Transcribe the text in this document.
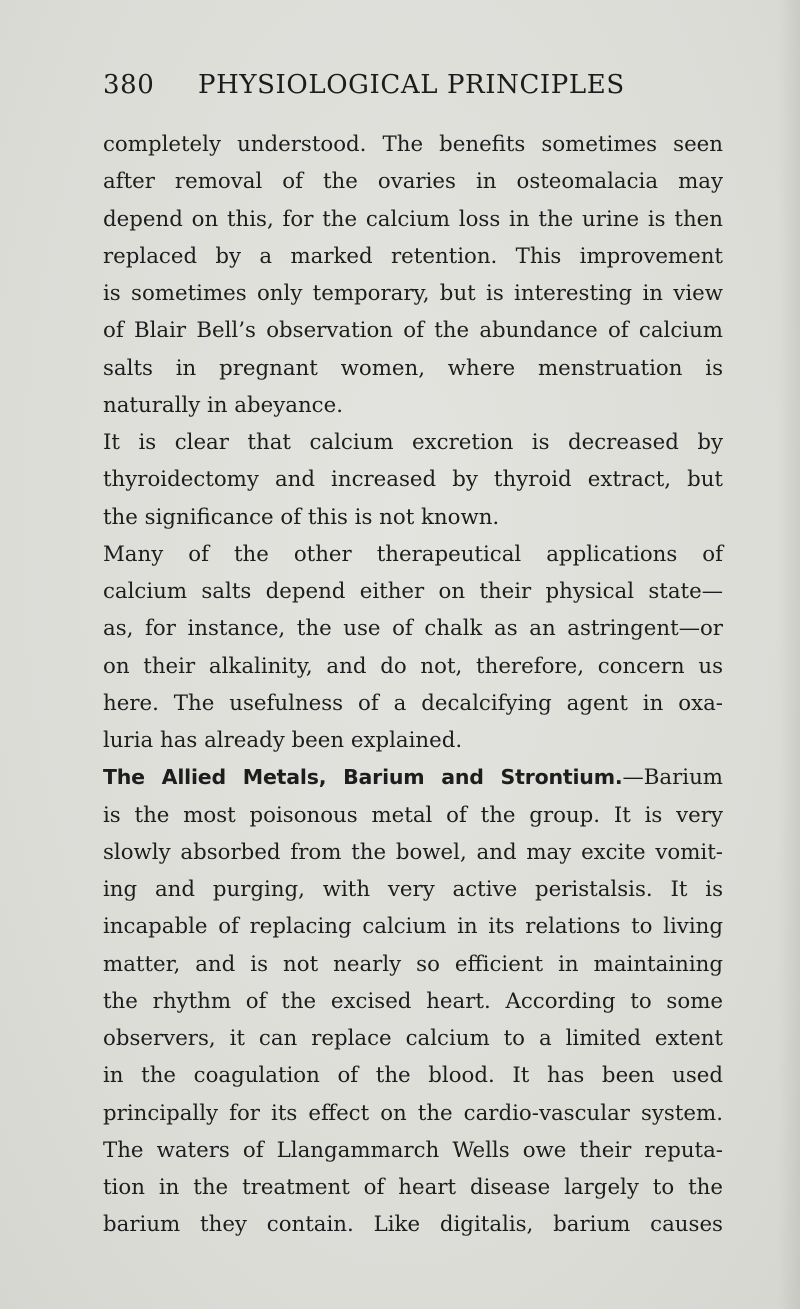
380 PHYSIOLOGICAL PRINCIPLES
completely understood. The benefits sometimes seen
after removal of the ovaries in osteomalacia may
depend on this, for the calcium loss in the urine is then
replaced by a marked retention. This improvement
is sometimes only temporary, but is interesting in view
of Blair Bell’s observation of the abundance of calcium
salts in pregnant women, where menstruation is
naturally in abeyance.
It is clear that calcium excretion is decreased by
thyroidectomy and increased by thyroid extract, but
the significance of this is not known.
Many of the other therapeutical applications of
calcium salts depend either on their physical state—
as, for instance, the use of chalk as an astringent—or
on their alkalinity, and do not, therefore, concern us
here. The usefulness of a decalcifying agent in oxa-
luria has already been explained.
The Allied Metals, Barium and Strontium.—Barium
is the most poisonous metal of the group. It is very
slowly absorbed from the bowel, and may excite vomit-
ing and purging, with very active peristalsis. It is
incapable of replacing calcium in its relations to living
matter, and is not nearly so efficient in maintaining
the rhythm of the excised heart. According to some
observers, it can replace calcium to a limited extent
in the coagulation of the blood. It has been used
principally for its effect on the cardio-vascular system.
The waters of Llangammarch Wells owe their reputa-
tion in the treatment of heart disease largely to the
barium they contain. Like digitalis, barium causes
